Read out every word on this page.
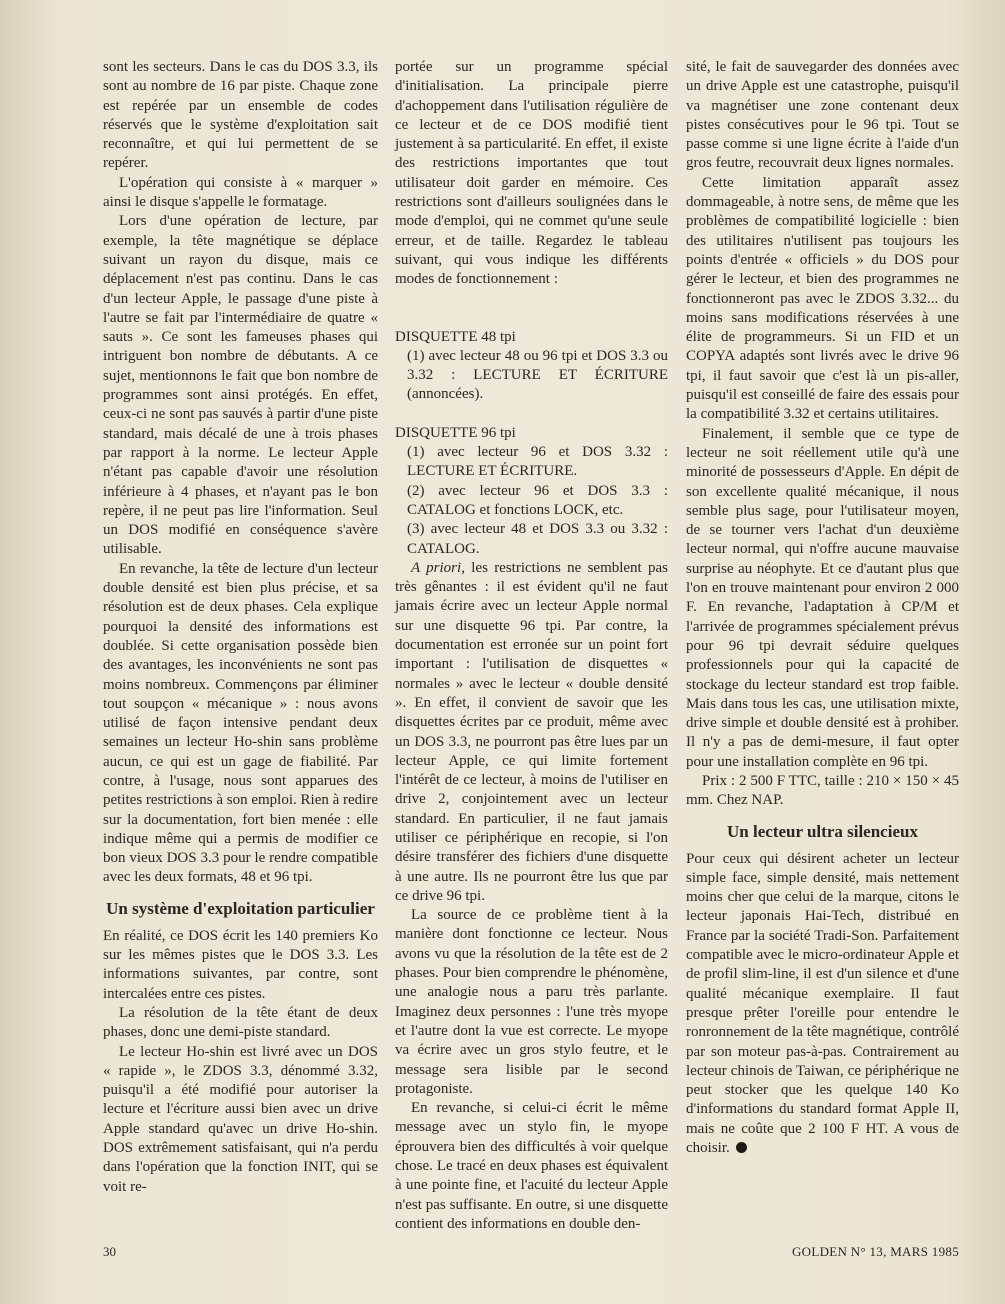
sont les secteurs. Dans le cas du DOS 3.3, ils sont au nombre de 16 par piste. Chaque zone est repérée par un ensemble de codes réservés que le système d'exploitation sait reconnaître, et qui lui permettent de se repérer.

L'opération qui consiste à « marquer » ainsi le disque s'appelle le formatage.

Lors d'une opération de lecture, par exemple, la tête magnétique se déplace suivant un rayon du disque, mais ce déplacement n'est pas continu. Dans le cas d'un lecteur Apple, le passage d'une piste à l'autre se fait par l'intermédiaire de quatre « sauts ». Ce sont les fameuses phases qui intriguent bon nombre de débutants. A ce sujet, mentionnons le fait que bon nombre de programmes sont ainsi protégés. En effet, ceux-ci ne sont pas sauvés à partir d'une piste standard, mais décalé de une à trois phases par rapport à la norme. Le lecteur Apple n'étant pas capable d'avoir une résolution inférieure à 4 phases, et n'ayant pas le bon repère, il ne peut pas lire l'information. Seul un DOS modifié en conséquence s'avère utilisable.

En revanche, la tête de lecture d'un lecteur double densité est bien plus précise, et sa résolution est de deux phases. Cela explique pourquoi la densité des informations est doublée. Si cette organisation possède bien des avantages, les inconvénients ne sont pas moins nombreux. Commençons par éliminer tout soupçon « mécanique » : nous avons utilisé de façon intensive pendant deux semaines un lecteur Ho-shin sans problème aucun, ce qui est un gage de fiabilité. Par contre, à l'usage, nous sont apparues des petites restrictions à son emploi. Rien à redire sur la documentation, fort bien menée : elle indique même qui a permis de modifier ce bon vieux DOS 3.3 pour le rendre compatible avec les deux formats, 48 et 96 tpi.

Un système d'exploitation particulier

En réalité, ce DOS écrit les 140 premiers Ko sur les mêmes pistes que le DOS 3.3. Les informations suivantes, par contre, sont intercalées entre ces pistes.

La résolution de la tête étant de deux phases, donc une demi-piste standard.

Le lecteur Ho-shin est livré avec un DOS « rapide », le ZDOS 3.3, dénommé 3.32, puisqu'il a été modifié pour autoriser la lecture et l'écriture aussi bien avec un drive Apple standard qu'avec un drive Ho-shin. DOS extrêmement satisfaisant, qui n'a perdu dans l'opération que la fonction INIT, qui se voit re-

portée sur un programme spécial d'initialisation. La principale pierre d'achoppement dans l'utilisation régulière de ce lecteur et de ce DOS modifié tient justement à sa particularité. En effet, il existe des restrictions importantes que tout utilisateur doit garder en mémoire. Ces restrictions sont d'ailleurs soulignées dans le mode d'emploi, qui ne commet qu'une seule erreur, et de taille. Regardez le tableau suivant, qui vous indique les différents modes de fonctionnement :

DISQUETTE 48 tpi

(1) avec lecteur 48 ou 96 tpi et DOS 3.3 ou 3.32 : LECTURE ET ÉCRITURE (annoncées).

DISQUETTE 96 tpi

(1) avec lecteur 96 et DOS 3.32 : LECTURE ET ÉCRITURE.

(2) avec lecteur 96 et DOS 3.3 : CATALOG et fonctions LOCK, etc.

(3) avec lecteur 48 et DOS 3.3 ou 3.32 : CATALOG.

A priori, les restrictions ne semblent pas très gênantes : il est évident qu'il ne faut jamais écrire avec un lecteur Apple normal sur une disquette 96 tpi. Par contre, la documentation est erronée sur un point fort important : l'utilisation de disquettes « normales » avec le lecteur « double densité ». En effet, il convient de savoir que les disquettes écrites par ce produit, même avec un DOS 3.3, ne pourront pas être lues par un lecteur Apple, ce qui limite fortement l'intérêt de ce lecteur, à moins de l'utiliser en drive 2, conjointement avec un lecteur standard. En particulier, il ne faut jamais utiliser ce périphérique en recopie, si l'on désire transférer des fichiers d'une disquette à une autre. Ils ne pourront être lus que par ce drive 96 tpi.

La source de ce problème tient à la manière dont fonctionne ce lecteur. Nous avons vu que la résolution de la tête est de 2 phases. Pour bien comprendre le phénomène, une analogie nous a paru très parlante. Imaginez deux personnes : l'une très myope et l'autre dont la vue est correcte. Le myope va écrire avec un gros stylo feutre, et le message sera lisible par le second protagoniste.

En revanche, si celui-ci écrit le même message avec un stylo fin, le myope éprouvera bien des difficultés à voir quelque chose. Le tracé en deux phases est équivalent à une pointe fine, et l'acuité du lecteur Apple n'est pas suffisante. En outre, si une disquette contient des informations en double den-

sité, le fait de sauvegarder des données avec un drive Apple est une catastrophe, puisqu'il va magnétiser une zone contenant deux pistes consécutives pour le 96 tpi. Tout se passe comme si une ligne écrite à l'aide d'un gros feutre, recouvrait deux lignes normales.

Cette limitation apparaît assez dommageable, à notre sens, de même que les problèmes de compatibilité logicielle : bien des utilitaires n'utilisent pas toujours les points d'entrée « officiels » du DOS pour gérer le lecteur, et bien des programmes ne fonctionneront pas avec le ZDOS 3.32... du moins sans modifications réservées à une élite de programmeurs. Si un FID et un COPYA adaptés sont livrés avec le drive 96 tpi, il faut savoir que c'est là un pis-aller, puisqu'il est conseillé de faire des essais pour la compatibilité 3.32 et certains utilitaires.

Finalement, il semble que ce type de lecteur ne soit réellement utile qu'à une minorité de possesseurs d'Apple. En dépit de son excellente qualité mécanique, il nous semble plus sage, pour l'utilisateur moyen, de se tourner vers l'achat d'un deuxième lecteur normal, qui n'offre aucune mauvaise surprise au néophyte. Et ce d'autant plus que l'on en trouve maintenant pour environ 2 000 F. En revanche, l'adaptation à CP/M et l'arrivée de programmes spécialement prévus pour 96 tpi devrait séduire quelques professionnels pour qui la capacité de stockage du lecteur standard est trop faible. Mais dans tous les cas, une utilisation mixte, drive simple et double densité est à prohiber. Il n'y a pas de demi-mesure, il faut opter pour une installation complète en 96 tpi.

Prix : 2 500 F TTC, taille : 210 × 150 × 45 mm. Chez NAP.

Un lecteur ultra silencieux

Pour ceux qui désirent acheter un lecteur simple face, simple densité, mais nettement moins cher que celui de la marque, citons le lecteur japonais Hai-Tech, distribué en France par la société Tradi-Son. Parfaitement compatible avec le micro-ordinateur Apple et de profil slim-line, il est d'un silence et d'une qualité mécanique exemplaire. Il faut presque prêter l'oreille pour entendre le ronronnement de la tête magnétique, contrôlé par son moteur pas-à-pas. Contrairement au lecteur chinois de Taiwan, ce périphérique ne peut stocker que les quelque 140 Ko d'informations du standard format Apple II, mais ne coûte que 2 100 F HT. A vous de choisir.

30	GOLDEN N° 13, MARS 1985
